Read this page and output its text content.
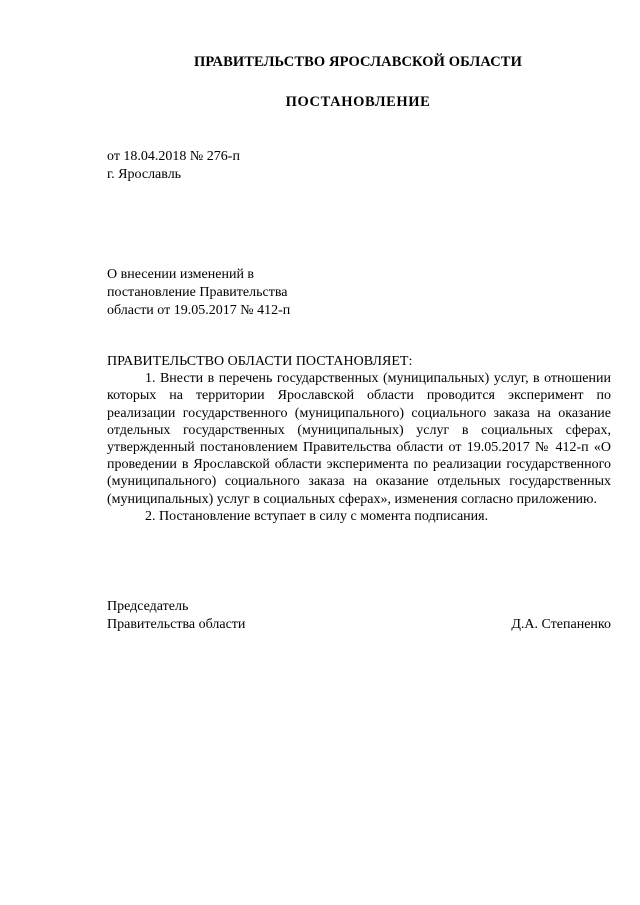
ПРАВИТЕЛЬСТВО ЯРОСЛАВСКОЙ ОБЛАСТИ
ПОСТАНОВЛЕНИЕ
от 18.04.2018 № 276-п
г. Ярославль
О внесении изменений в
постановление Правительства
области от 19.05.2017 № 412-п

ПРАВИТЕЛЬСТВО ОБЛАСТИ ПОСТАНОВЛЯЕТ:

1. Внести в перечень государственных (муниципальных) услуг, в отношении которых на территории Ярославской области проводится эксперимент по реализации государственного (муниципального) социального заказа на оказание отдельных государственных (муниципальных) услуг в социальных сферах, утвержденный постановлением Правительства области от 19.05.2017 № 412-п «О проведении в Ярославской области эксперимента по реализации государственного (муниципального) социального заказа на оказание отдельных государственных (муниципальных) услуг в социальных сферах», изменения согласно приложению.

2. Постановление вступает в силу с момента подписания.

Председатель
Правительства области	Д.А. Степаненко
